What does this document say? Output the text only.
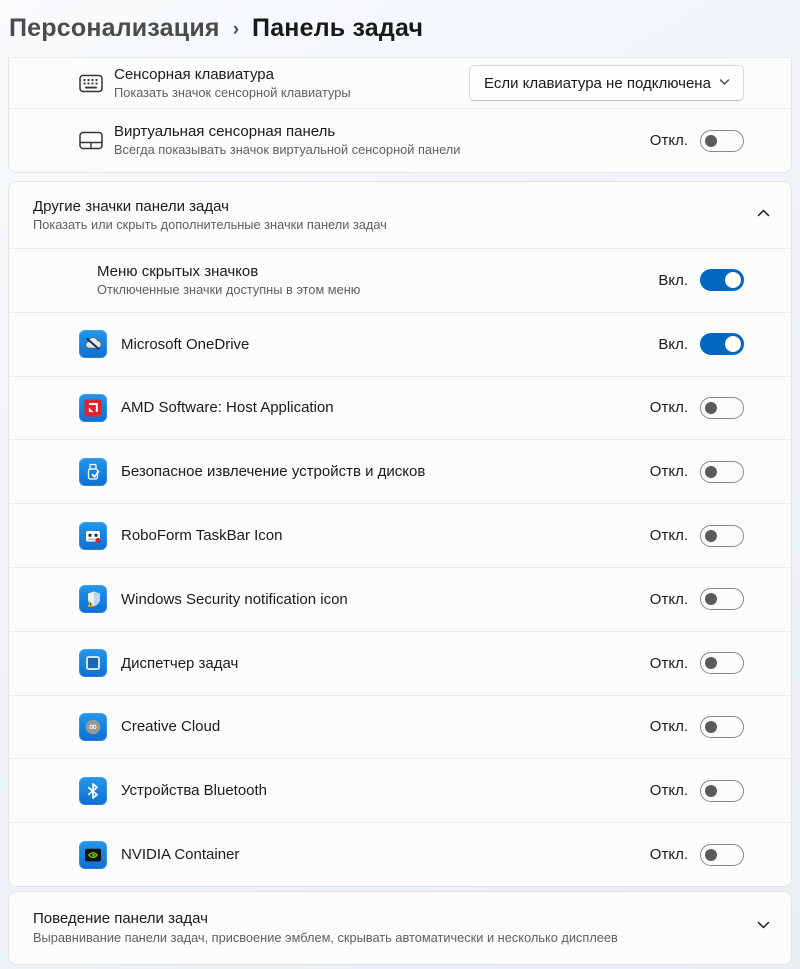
Персонализация › Панель задач
Сенсорная клавиатура
Показать значок сенсорной клавиатуры
Если клавиатура не подключена
Виртуальная сенсорная панель
Всегда показывать значок виртуальной сенсорной панели
Откл.
Другие значки панели задач
Показать или скрыть дополнительные значки панели задач
Меню скрытых значков
Отключенные значки доступны в этом меню
Вкл.
Microsoft OneDrive	Вкл.
AMD Software: Host Application	Откл.
Безопасное извлечение устройств и дисков	Откл.
RoboForm TaskBar Icon	Откл.
Windows Security notification icon	Откл.
Диспетчер задач	Откл.
∞ Creative Cloud	Откл.
Устройства Bluetooth	Откл.
NVIDIA Container	Откл.
Поведение панели задач
Выравнивание панели задач, присвоение эмблем, скрывать автоматически и несколько дисплеев
